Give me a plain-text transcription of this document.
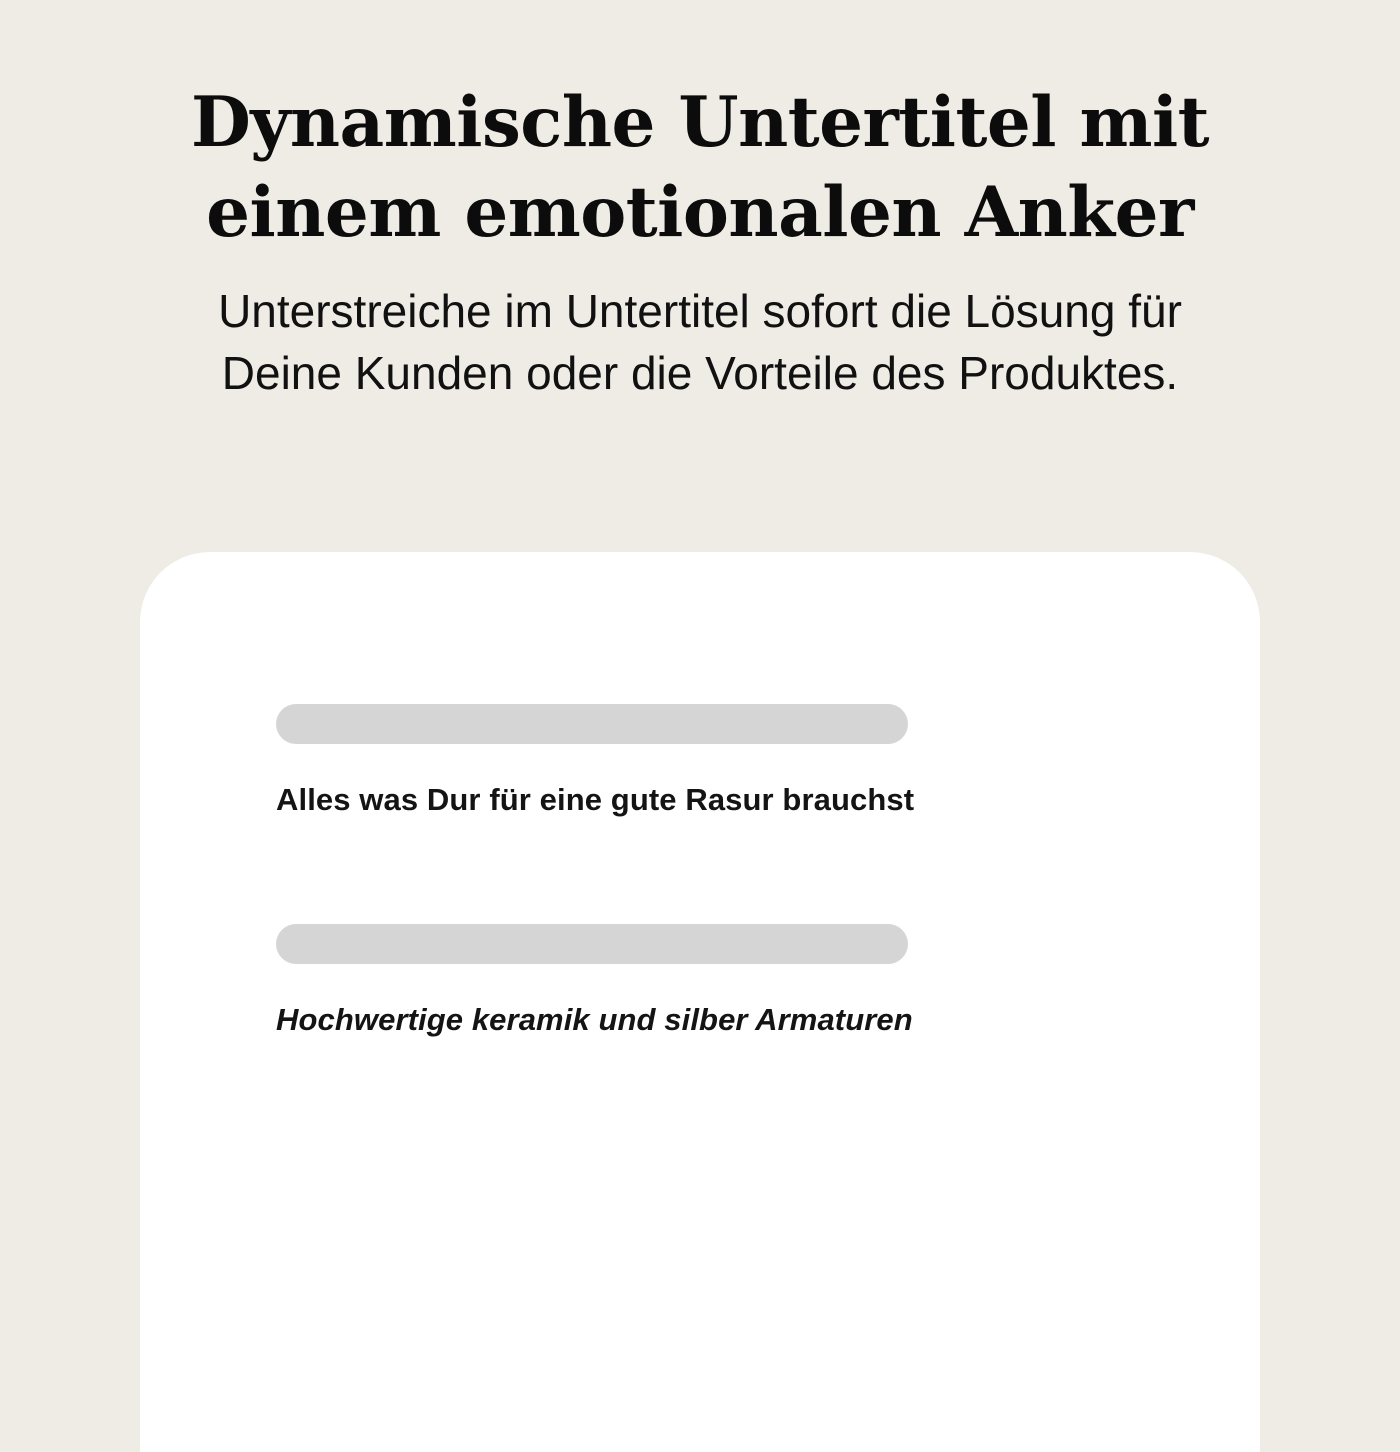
Dynamische Untertitel mit einem emotionalen Anker

Unterstreiche im Untertitel sofort die Lösung für Deine Kunden oder die Vorteile des Produktes.

Alles was Dur für eine gute Rasur brauchst
Hochwertige keramik und silber Armaturen
